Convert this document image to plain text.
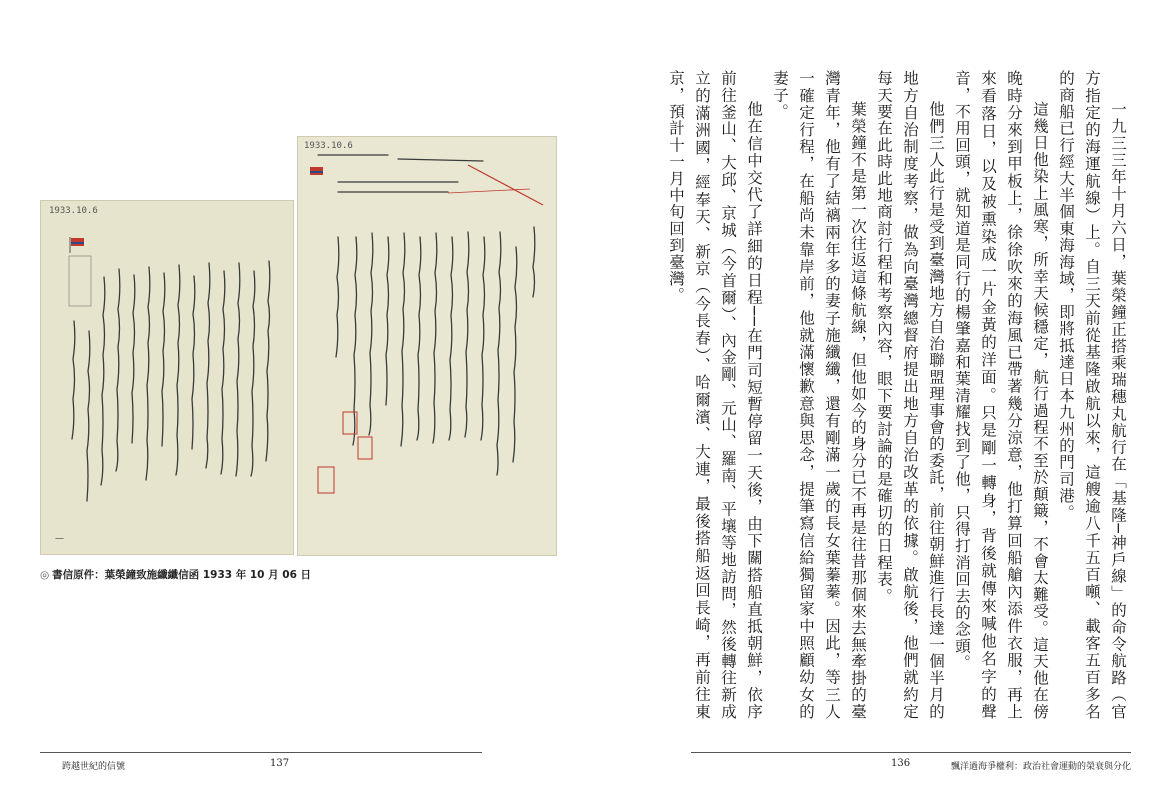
1933.10.6
—
1933.10.6
◎ 書信原件：葉榮鐘致施纖纖信函 1933 年 10 月 06 日
跨越世紀的信號	137

一九三三年十月六日，葉榮鐘正搭乘瑞穗丸航行在「基隆─神戶線」的命令航路（官方指定的海運航線）上。自三天前從基隆啟航以來，這艘逾八千五百噸、載客五百多名的商船已行經大半個東海海域，即將抵達日本九州的門司港。

這幾日他染上風寒，所幸天候穩定，航行過程不至於顛簸，不會太難受。這天他在傍晚時分來到甲板上，徐徐吹來的海風已帶著幾分涼意，他打算回船艙內添件衣服，再上來看落日，以及被熏染成一片金黃的洋面。只是剛一轉身，背後就傳來喊他名字的聲音，不用回頭，就知道是同行的楊肇嘉和葉清耀找到了他，只得打消回去的念頭。

他們三人此行是受到臺灣地方自治聯盟理事會的委託，前往朝鮮進行長達一個半月的地方自治制度考察，做為向臺灣總督府提出地方自治改革的依據。啟航後，他們就約定每天要在此時此地商討行程和考察內容，眼下要討論的是確切的日程表。

葉榮鐘不是第一次往返這條航線，但他如今的身分已不再是往昔那個來去無牽掛的臺灣青年，他有了結褵兩年多的妻子施纖纖，還有剛滿一歲的長女葉蓁蓁。因此，等三人一確定行程，在船尚未靠岸前，他就滿懷歉意與思念，提筆寫信給獨留家中照顧幼女的妻子。

他在信中交代了詳細的日程──在門司短暫停留一天後，由下關搭船直抵朝鮮，依序前往釜山、大邱、京城（今首爾）、內金剛、元山、羅南、平壤等地訪問，然後轉往新成立的滿洲國，經奉天、新京（今長春）、哈爾濱、大連，最後搭船返回長崎，再前往東京，預計十一月中旬回到臺灣。

136	飄洋過海爭權利：政治社會運動的榮衰與分化
